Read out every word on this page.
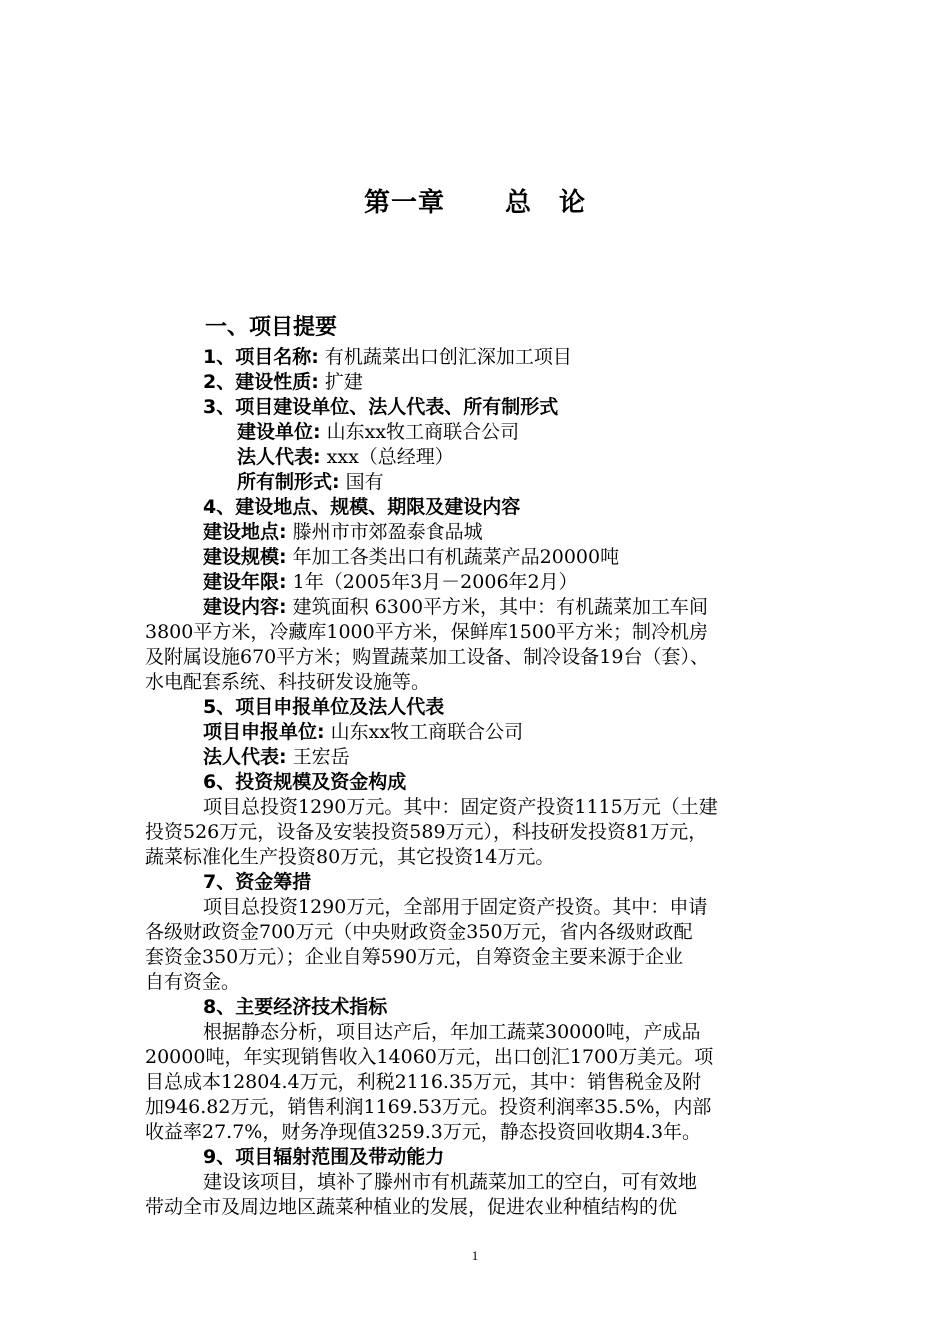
第一章 总　论
一、项目提要
1、项目名称: 有机蔬菜出口创汇深加工项目
2、建设性质: 扩建
3、项目建设单位、法人代表、所有制形式
建设单位: 山东xx牧工商联合公司
法人代表: xxx（总经理）
所有制形式: 国有
4、建设地点、规模、期限及建设内容
建设地点: 滕州市市郊盈泰食品城
建设规模: 年加工各类出口有机蔬菜产品20000吨
建设年限: 1年（2005年3月－2006年2月）
建设内容: 建筑面积 6300平方米，其中：有机蔬菜加工车间
3800平方米，冷藏库1000平方米，保鲜库1500平方米；制冷机房
及附属设施670平方米；购置蔬菜加工设备、制冷设备19台（套）、
水电配套系统、科技研发设施等。
5、项目申报单位及法人代表
项目申报单位: 山东xx牧工商联合公司
法人代表: 王宏岳
6、投资规模及资金构成
项目总投资1290万元。其中：固定资产投资1115万元（土建
投资526万元，设备及安装投资589万元），科技研发投资81万元，
蔬菜标准化生产投资80万元，其它投资14万元。
7、资金筹措
项目总投资1290万元，全部用于固定资产投资。其中：申请
各级财政资金700万元（中央财政资金350万元，省内各级财政配
套资金350万元）；企业自筹590万元，自筹资金主要来源于企业
自有资金。
8、主要经济技术指标
根据静态分析，项目达产后，年加工蔬菜30000吨，产成品
20000吨，年实现销售收入14060万元，出口创汇1700万美元。项
目总成本12804.4万元，利税2116.35万元，其中：销售税金及附
加946.82万元，销售利润1169.53万元。投资利润率35.5%，内部
收益率27.7%，财务净现值3259.3万元，静态投资回收期4.3年。
9、项目辐射范围及带动能力
建设该项目，填补了滕州市有机蔬菜加工的空白，可有效地
带动全市及周边地区蔬菜种植业的发展，促进农业种植结构的优
1
